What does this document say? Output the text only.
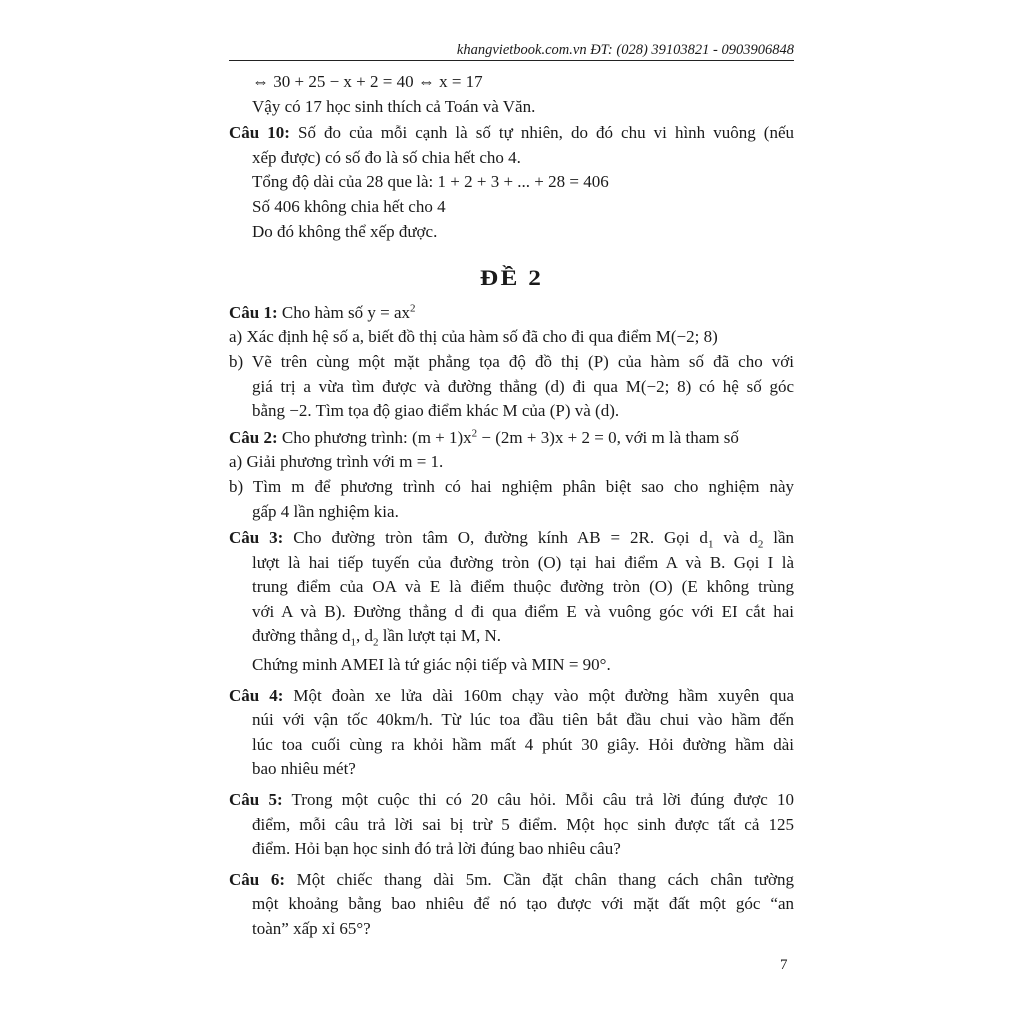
khangvietbook.com.vn ĐT: (028) 39103821 - 0903906848
⇔ 30 + 25 − x + 2 = 40 ⇔ x = 17
Vậy có 17 học sinh thích cả Toán và Văn.
Câu 10: Số đo của mỗi cạnh là số tự nhiên, do đó chu vi hình vuông (nếu
xếp được) có số đo là số chia hết cho 4.
Tổng độ dài của 28 que là: 1 + 2 + 3 + ... + 28 = 406
Số 406 không chia hết cho 4
Do đó không thể xếp được.
ĐỀ 2
Câu 1: Cho hàm số $y = ax^2$
a) Xác định hệ số a, biết đồ thị của hàm số đã cho đi qua điểm M(−2; 8)
b) Vẽ trên cùng một mặt phẳng tọa độ đồ thị (P) của hàm số đã cho với
giá trị a vừa tìm được và đường thẳng (d) đi qua M(−2; 8) có hệ số góc
bằng −2. Tìm tọa độ giao điểm khác M của (P) và (d).
Câu 2: Cho phương trình: $(m + 1)x^2 - (2m + 3)x + 2 = 0$, với m là tham số
a) Giải phương trình với m = 1.
b) Tìm m để phương trình có hai nghiệm phân biệt sao cho nghiệm này
gấp 4 lần nghiệm kia.
Câu 3: Cho đường tròn tâm O, đường kính AB = 2R. Gọi $d_1$ và $d_2$ lần
lượt là hai tiếp tuyến của đường tròn (O) tại hai điểm A và B. Gọi I là
trung điểm của OA và E là điểm thuộc đường tròn (O) (E không trùng
với A và B). Đường thẳng d đi qua điểm E và vuông góc với EI cắt hai
đường thẳng $d_1$, $d_2$ lần lượt tại M, N.
Chứng minh AMEI là tứ giác nội tiếp và MIN = 90°.
Câu 4: Một đoàn xe lửa dài 160m chạy vào một đường hầm xuyên qua
núi với vận tốc 40km/h. Từ lúc toa đầu tiên bắt đầu chui vào hầm đến
lúc toa cuối cùng ra khỏi hầm mất 4 phút 30 giây. Hỏi đường hầm dài
bao nhiêu mét?
Câu 5: Trong một cuộc thi có 20 câu hỏi. Mỗi câu trả lời đúng được 10
điểm, mỗi câu trả lời sai bị trừ 5 điểm. Một học sinh được tất cả 125
điểm. Hỏi bạn học sinh đó trả lời đúng bao nhiêu câu?
Câu 6: Một chiếc thang dài 5m. Cần đặt chân thang cách chân tường
một khoảng bằng bao nhiêu để nó tạo được với mặt đất một góc “an
toàn” xấp xỉ 65°?
7
